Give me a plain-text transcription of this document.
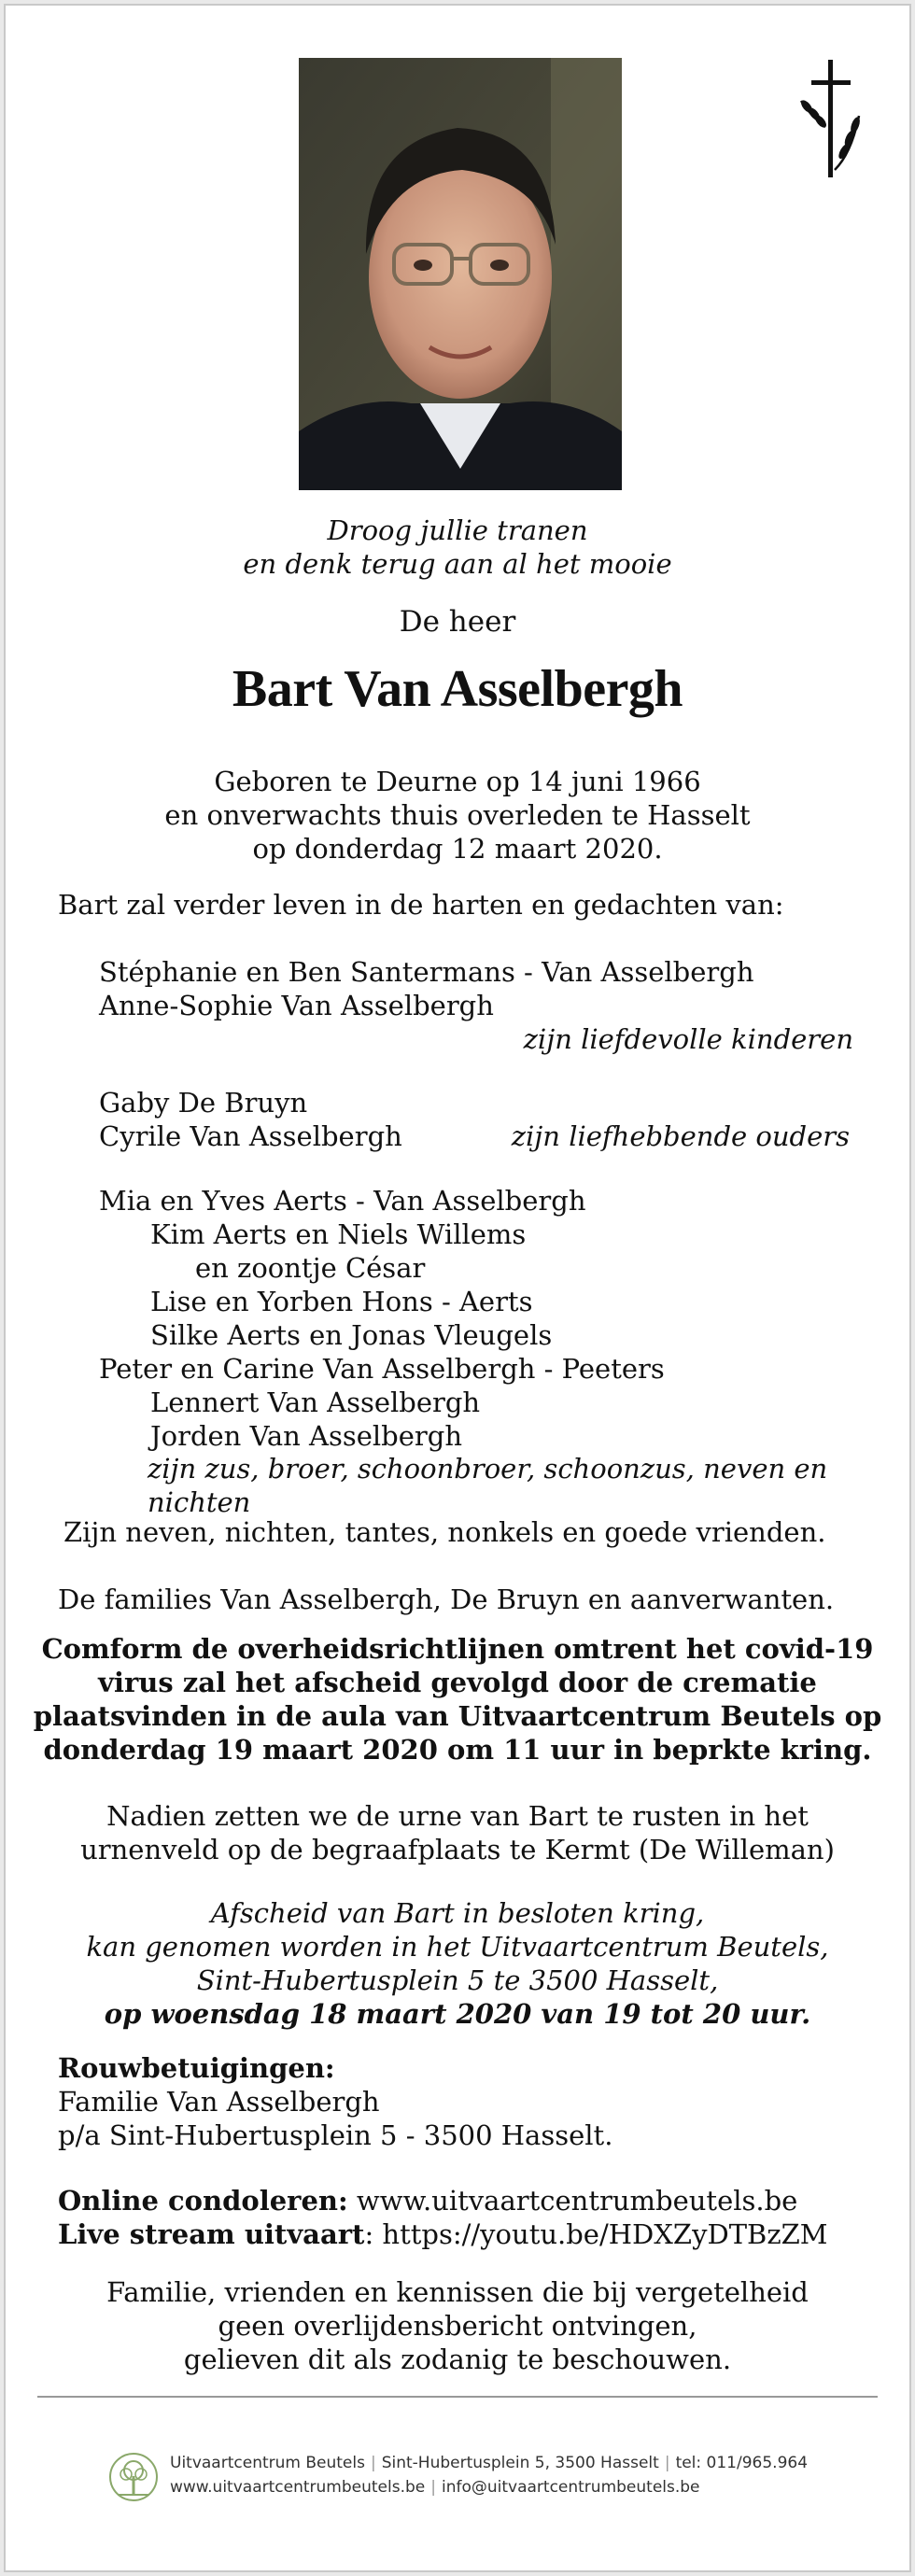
Droog jullie tranen
en denk terug aan al het mooie
De heer
Bart Van Asselbergh
Geboren te Deurne op 14 juni 1966
en onverwachts thuis overleden te Hasselt
op donderdag 12 maart 2020.
Bart zal verder leven in de harten en gedachten van:
Stéphanie en Ben Santermans - Van Asselbergh
Anne-Sophie Van Asselbergh
zijn liefdevolle kinderen
Gaby De Bruyn
Cyrile Van Asselbergh	zijn liefhebbende ouders
Mia en Yves Aerts - Van Asselbergh
Kim Aerts en Niels Willems
en zoontje César
Lise en Yorben Hons - Aerts
Silke Aerts en Jonas Vleugels
Peter en Carine Van Asselbergh - Peeters
Lennert Van Asselbergh
Jorden Van Asselbergh
zijn zus, broer, schoonbroer, schoonzus, neven en nichten
Zijn neven, nichten, tantes, nonkels en goede vrienden.
De families Van Asselbergh, De Bruyn en aanverwanten.
Comform de overheidsrichtlijnen omtrent het covid-19
virus zal het afscheid gevolgd door de crematie
plaatsvinden in de aula van Uitvaartcentrum Beutels op
donderdag 19 maart 2020 om 11 uur in beprkte kring.
Nadien zetten we de urne van Bart te rusten in het
urnenveld op de begraafplaats te Kermt (De Willeman)
Afscheid van Bart in besloten kring,
kan genomen worden in het Uitvaartcentrum Beutels,
Sint-Hubertusplein 5 te 3500 Hasselt,
op woensdag 18 maart 2020 van 19 tot 20 uur.
Rouwbetuigingen:
Familie Van Asselbergh
p/a Sint-Hubertusplein 5 - 3500 Hasselt.
Online condoleren: www.uitvaartcentrumbeutels.be
Live stream uitvaart: https://youtu.be/HDXZyDTBzZM
Familie, vrienden en kennissen die bij vergetelheid
geen overlijdensbericht ontvingen,
gelieven dit als zodanig te beschouwen.
Uitvaartcentrum Beutels | Sint-Hubertusplein 5, 3500 Hasselt | tel: 011/965.964
www.uitvaartcentrumbeutels.be | info@uitvaartcentrumbeutels.be
